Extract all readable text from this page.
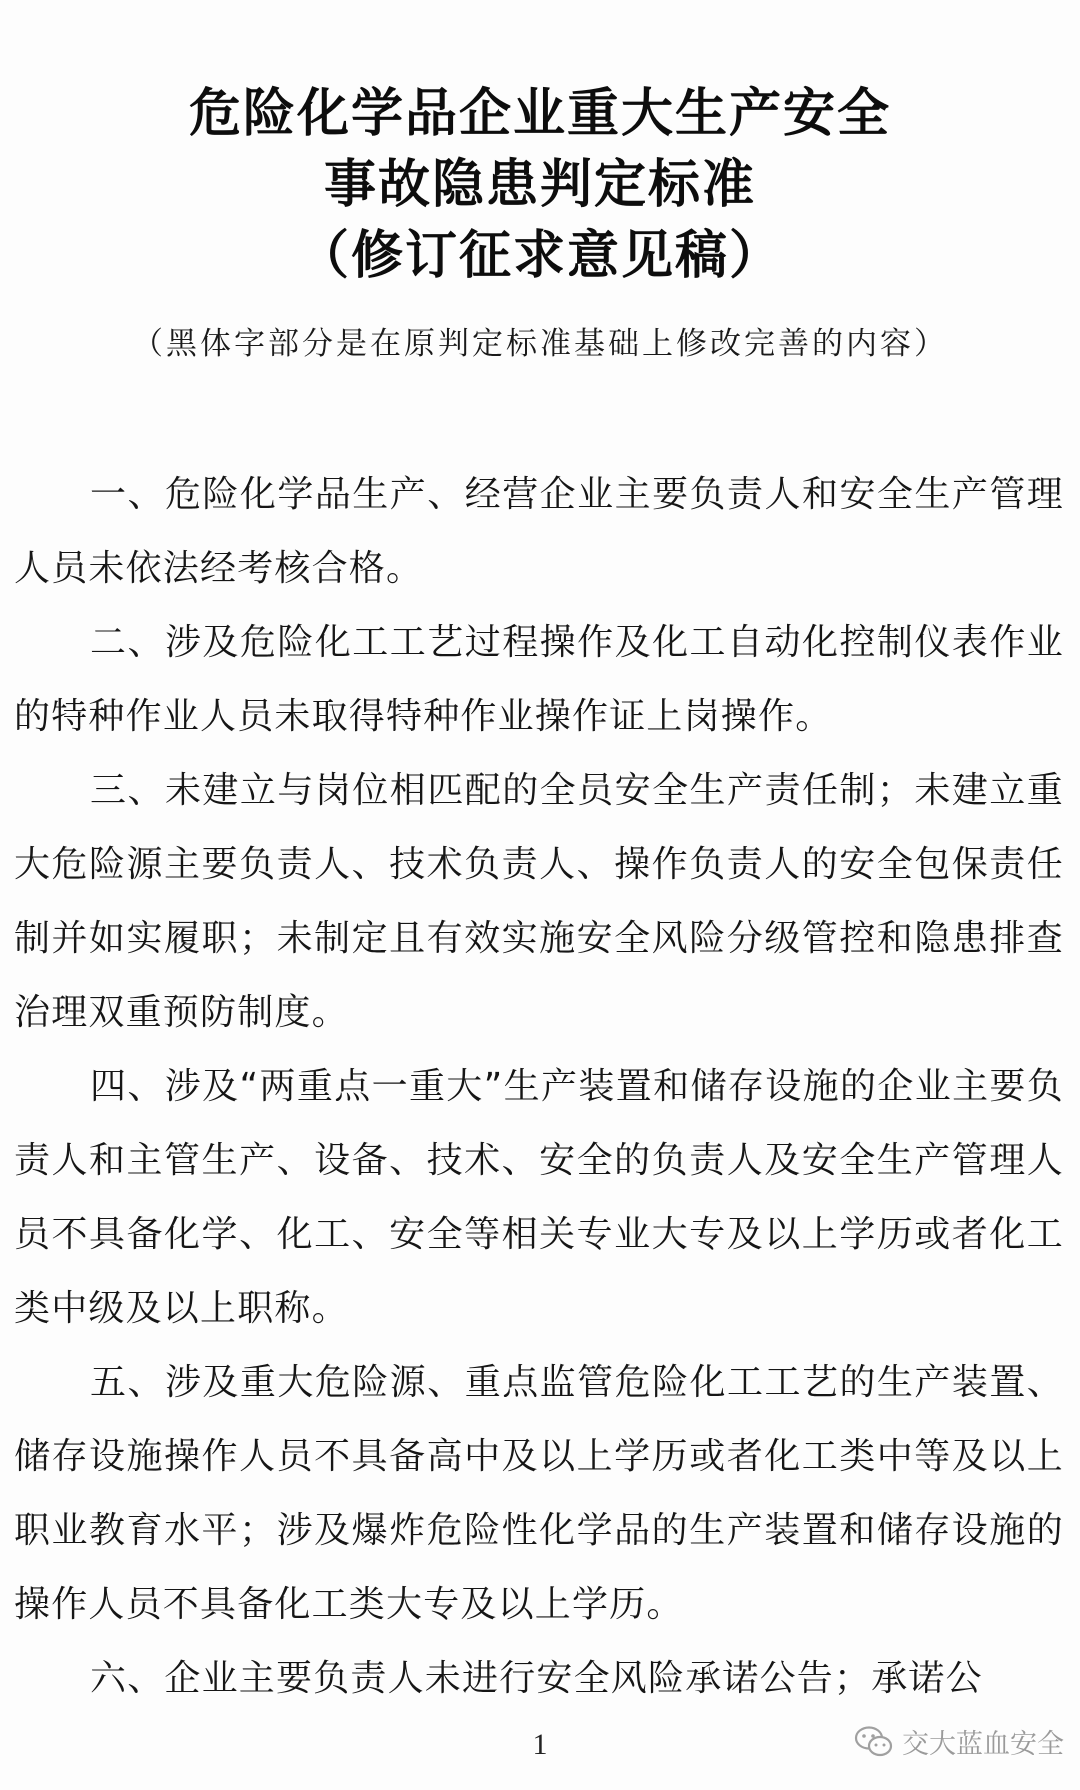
危险化学品企业重大生产安全

事故隐患判定标准

（修订征求意见稿）

（黑体字部分是在原判定标准基础上修改完善的内容）

一、危险化学品生产、经营企业主要负责人和安全生产管理人员未依法经考核合格。

二、涉及危险化工工艺过程操作及化工自动化控制仪表作业的特种作业人员未取得特种作业操作证上岗操作。

三、未建立与岗位相匹配的全员安全生产责任制；未建立重大危险源主要负责人、技术负责人、操作负责人的安全包保责任制并如实履职；未制定且有效实施安全风险分级管控和隐患排查治理双重预防制度。

四、涉及“两重点一重大”生产装置和储存设施的企业主要负责人和主管生产、设备、技术、安全的负责人及安全生产管理人员不具备化学、化工、安全等相关专业大专及以上学历或者化工类中级及以上职称。

五、涉及重大危险源、重点监管危险化工工艺的生产装置、储存设施操作人员不具备高中及以上学历或者化工类中等及以上职业教育水平；涉及爆炸危险性化学品的生产装置和储存设施的操作人员不具备化工类大专及以上学历。

六、企业主要负责人未进行安全风险承诺公告；承诺公

1	交大蓝血安全
